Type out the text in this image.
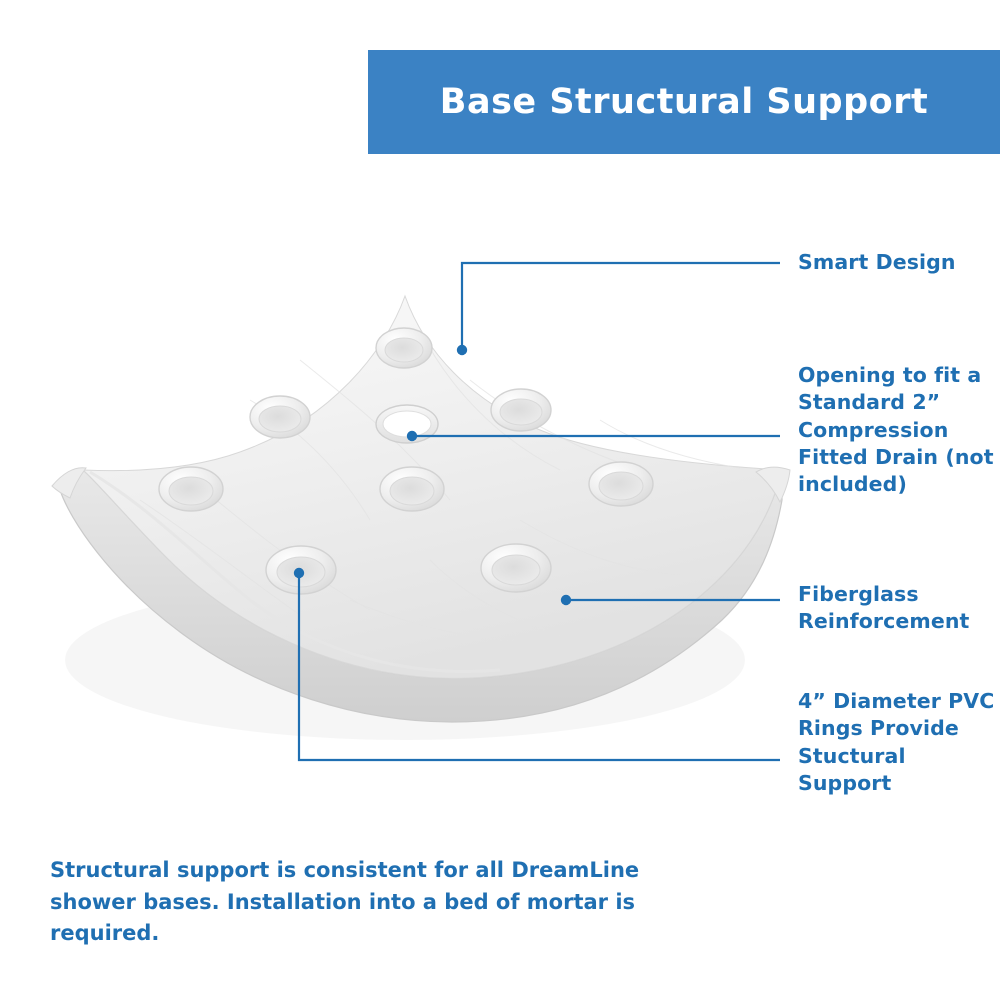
Base Structural Support
Smart Design
Opening to fit a Standard 2” Compression Fitted Drain (not included)
Fiberglass Reinforcement
4” Diameter PVC Rings Provide Stuctural Support
Structural support is consistent for all DreamLine shower bases. Installation into a bed of mortar is required.
